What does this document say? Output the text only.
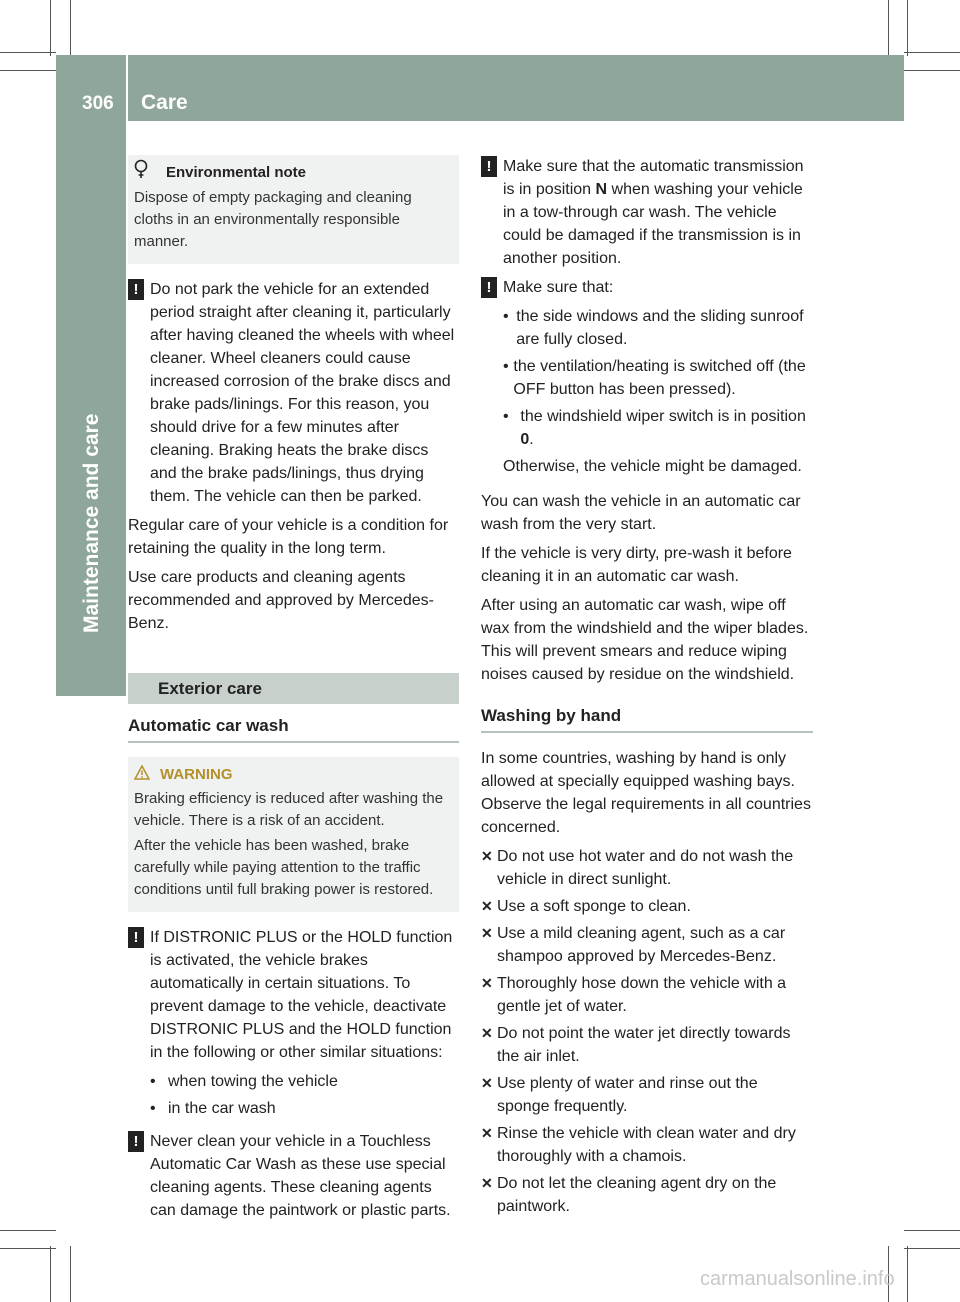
306 Care
Maintenance and care
Environmental note
Dispose of empty packaging and cleaning cloths in an environmentally responsible manner.
! Do not park the vehicle for an extended period straight after cleaning it, particularly after having cleaned the wheels with wheel cleaner. Wheel cleaners could cause increased corrosion of the brake discs and brake pads/linings. For this reason, you should drive for a few minutes after cleaning. Braking heats the brake discs and the brake pads/linings, thus drying them. The vehicle can then be parked.
Regular care of your vehicle is a condition for retaining the quality in the long term.
Use care products and cleaning agents recommended and approved by Mercedes-Benz.
Exterior care
Automatic car wash
WARNING
Braking efficiency is reduced after washing the vehicle. There is a risk of an accident.
After the vehicle has been washed, brake carefully while paying attention to the traffic conditions until full braking power is restored.
! If DISTRONIC PLUS or the HOLD function is activated, the vehicle brakes automatically in certain situations. To prevent damage to the vehicle, deactivate DISTRONIC PLUS and the HOLD function in the following or other similar situations:
• when towing the vehicle
• in the car wash
! Never clean your vehicle in a Touchless Automatic Car Wash as these use special cleaning agents. These cleaning agents can damage the paintwork or plastic parts.
! Make sure that the automatic transmission is in position N when washing your vehicle in a tow-through car wash. The vehicle could be damaged if the transmission is in another position.
! Make sure that:
• the side windows and the sliding sunroof are fully closed.
• the ventilation/heating is switched off (the OFF button has been pressed).
• the windshield wiper switch is in position 0.
Otherwise, the vehicle might be damaged.
You can wash the vehicle in an automatic car wash from the very start.
If the vehicle is very dirty, pre-wash it before cleaning it in an automatic car wash.
After using an automatic car wash, wipe off wax from the windshield and the wiper blades. This will prevent smears and reduce wiping noises caused by residue on the windshield.
Washing by hand
In some countries, washing by hand is only allowed at specially equipped washing bays. Observe the legal requirements in all countries concerned.
✕ Do not use hot water and do not wash the vehicle in direct sunlight.
✕ Use a soft sponge to clean.
✕ Use a mild cleaning agent, such as a car shampoo approved by Mercedes-Benz.
✕ Thoroughly hose down the vehicle with a gentle jet of water.
✕ Do not point the water jet directly towards the air inlet.
✕ Use plenty of water and rinse out the sponge frequently.
✕ Rinse the vehicle with clean water and dry thoroughly with a chamois.
✕ Do not let the cleaning agent dry on the paintwork.
carmanualsonline.info
